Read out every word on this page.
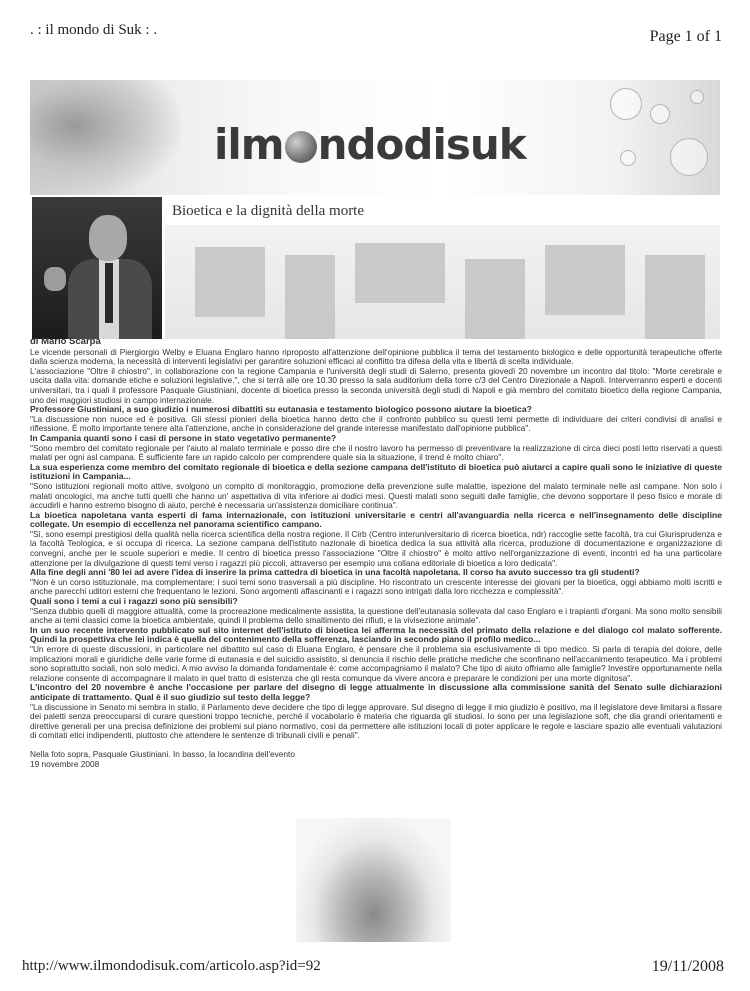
. : il mondo di Suk : .	Page 1 of 1
ilm ndodisuk
Bioetica e la dignità della morte

di Mario Scarpa

Le vicende personali di Piergiorgio Welby e Eluana Englaro hanno riproposto all'attenzione dell'opinione pubblica il tema del testamento biologico e delle opportunità terapeutiche offerte dalla scienza moderna, la necessità di interventi legislativi per garantire soluzioni efficaci al conflitto tra difesa della vita e libertà di scelta individuale.

L'associazione "Oltre il chiostro", in collaborazione con la regione Campania e l'università degli studi di Salerno, presenta giovedì 20 novembre un incontro dal titolo: "Morte cerebrale e uscita dalla vita: domande etiche e soluzioni legislative.", che si terrà alle ore 10.30 presso la sala auditorium della torre c/3 del Centro Direzionale a Napoli. Interverranno esperti e docenti universitari, tra i quali il professore Pasquale Giustiniani, docente di bioetica presso la seconda università degli studi di Napoli e già membro del comitato bioetico della regione Campania, uno dei maggiori studiosi in campo internazionale.

Professore Giustiniani, a suo giudizio i numerosi dibattiti su eutanasia e testamento biologico possono aiutare la bioetica?

"La discussione non nuoce ed è positiva. Gli stessi pionieri della bioetica hanno detto che il confronto pubblico su questi temi permette di individuare dei criteri condivisi di analisi e riflessione. È molto importante tenere alta l'attenzione, anche in considerazione del grande interesse manifestato dall'opinione pubblica".

In Campania quanti sono i casi di persone in stato vegetativo permanente?

"Sono membro del comitato regionale per l'aiuto al malato terminale e posso dire che il nostro lavoro ha permesso di preventivare la realizzazione di circa dieci posti letto riservati a questi malati per ogni asl campana. È sufficiente fare un rapido calcolo per comprendere quale sia la situazione, il trend è molto chiaro".

La sua esperienza come membro del comitato regionale di bioetica e della sezione campana dell'istituto di bioetica può aiutarci a capire quali sono le iniziative di queste istituzioni in Campania...

"Sono istituzioni regionali molto attive, svolgono un compito di monitoraggio, promozione della prevenzione sulle malattie, ispezione del malato terminale nelle asl campane. Non solo i malati oncologici, ma anche tutti quelli che hanno un' aspettativa di vita inferiore ai dodici mesi. Questi malati sono seguiti dalle famiglie, che devono sopportare il peso fisico e morale di accudirli e hanno estremo bisogno di aiuto, perché è necessaria un'assistenza domiciliare continua".

La bioetica napoletana vanta esperti di fama internazionale, con istituzioni universitarie e centri all'avanguardia nella ricerca e nell'insegnamento delle discipline collegate. Un esempio di eccellenza nel panorama scientifico campano.

"Sì, sono esempi prestigiosi della qualità nella ricerca scientifica della nostra regione. Il Cirb (Centro interuniversitario di ricerca bioetica, ndr) raccoglie sette facoltà, tra cui Giurisprudenza e la facoltà Teologica, e si occupa di ricerca. La sezione campana dell'istituto nazionale di bioetica dedica la sua attività alla ricerca, produzione di documentazione e organizzazione di convegni, anche per le scuole superiori e medie. Il centro di bioetica presso l'associazione "Oltre il chiostro" è molto attivo nell'organizzazione di eventi, incontri ed ha una particolare attenzione per la divulgazione di questi temi verso i ragazzi più piccoli, attraverso per esempio una collana editoriale di bioetica a loro dedicata".

Alla fine degli anni '80 lei ad avere l'idea di inserire la prima cattedra di bioetica in una facoltà napoletana. Il corso ha avuto successo tra gli studenti?

"Non è un corso istituzionale, ma complementare: i suoi temi sono trasversali a più discipline. Ho riscontrato un crescente interesse dei giovani per la bioetica, oggi abbiamo molti iscritti e anche parecchi uditori esterni che frequentano le lezioni. Sono argomenti affascinanti e i ragazzi sono intrigati dalla loro ricchezza e complessità".

Quali sono i temi a cui i ragazzi sono più sensibili?

"Senza dubbio quelli di maggiore attualità, come la procreazione medicalmente assistita, la questione dell'eutanasia sollevata dal caso Englaro e i trapianti d'organi. Ma sono molto sensibili anche ai temi classici come la bioetica ambientale, quindi il problema dello smaltimento dei rifiuti, e la vivisezione animale".

In un suo recente intervento pubblicato sul sito internet dell'istituto di bioetica lei afferma la necessità del primato della relazione e del dialogo col malato sofferente. Quindi la prospettiva che lei indica è quella del contenimento della sofferenza, lasciando in secondo piano il profilo medico...

"Un errore di queste discussioni, in particolare nel dibattito sul caso di Eluana Englaro, è pensare che il problema sia esclusivamente di tipo medico. Si parla di terapia del dolore, delle implicazioni morali e giuridiche delle varie forme di eutanasia e del suicidio assistito, si denuncia il rischio delle pratiche mediche che sconfinano nell'accanimento terapeutico. Ma i problemi sono soprattutto sociali, non solo medici. A mio avviso la domanda fondamentale è: come accompagniamo il malato? Che tipo di aiuto offriamo alle famiglie? Investire opportunamente nella relazione consente di accompagnare il malato in quel tratto di esistenza che gli resta comunque da vivere ancora e preparare le condizioni per una morte dignitosa".

L'incontro del 20 novembre è anche l'occasione per parlare del disegno di legge attualmente in discussione alla commissione sanità del Senato sulle dichiarazioni anticipate di trattamento. Qual è il suo giudizio sul testo della legge?

"La discussione in Senato mi sembra in stallo, il Parlamento deve decidere che tipo di legge approvare. Sul disegno di legge il mio giudizio è positivo, ma il legislatore deve limitarsi a fissare dei paletti senza preoccuparsi di curare questioni troppo tecniche, perché il vocabolario è materia che riguarda gli studiosi. Io sono per una legislazione soft, che dia grandi orientamenti e direttive generali per una precisa definizione dei problemi sul piano normativo, così da permettere alle istituzioni locali di poter applicare le regole e lasciare spazio alle eventuali valutazioni di comitati etici indipendenti, piuttosto che attendere le sentenze di tribunali civili e penali".

Nella foto sopra, Pasquale Giustiniani. In basso, la locandina dell'evento

19 novembre 2008

http://www.ilmondodisuk.com/articolo.asp?id=92	19/11/2008
